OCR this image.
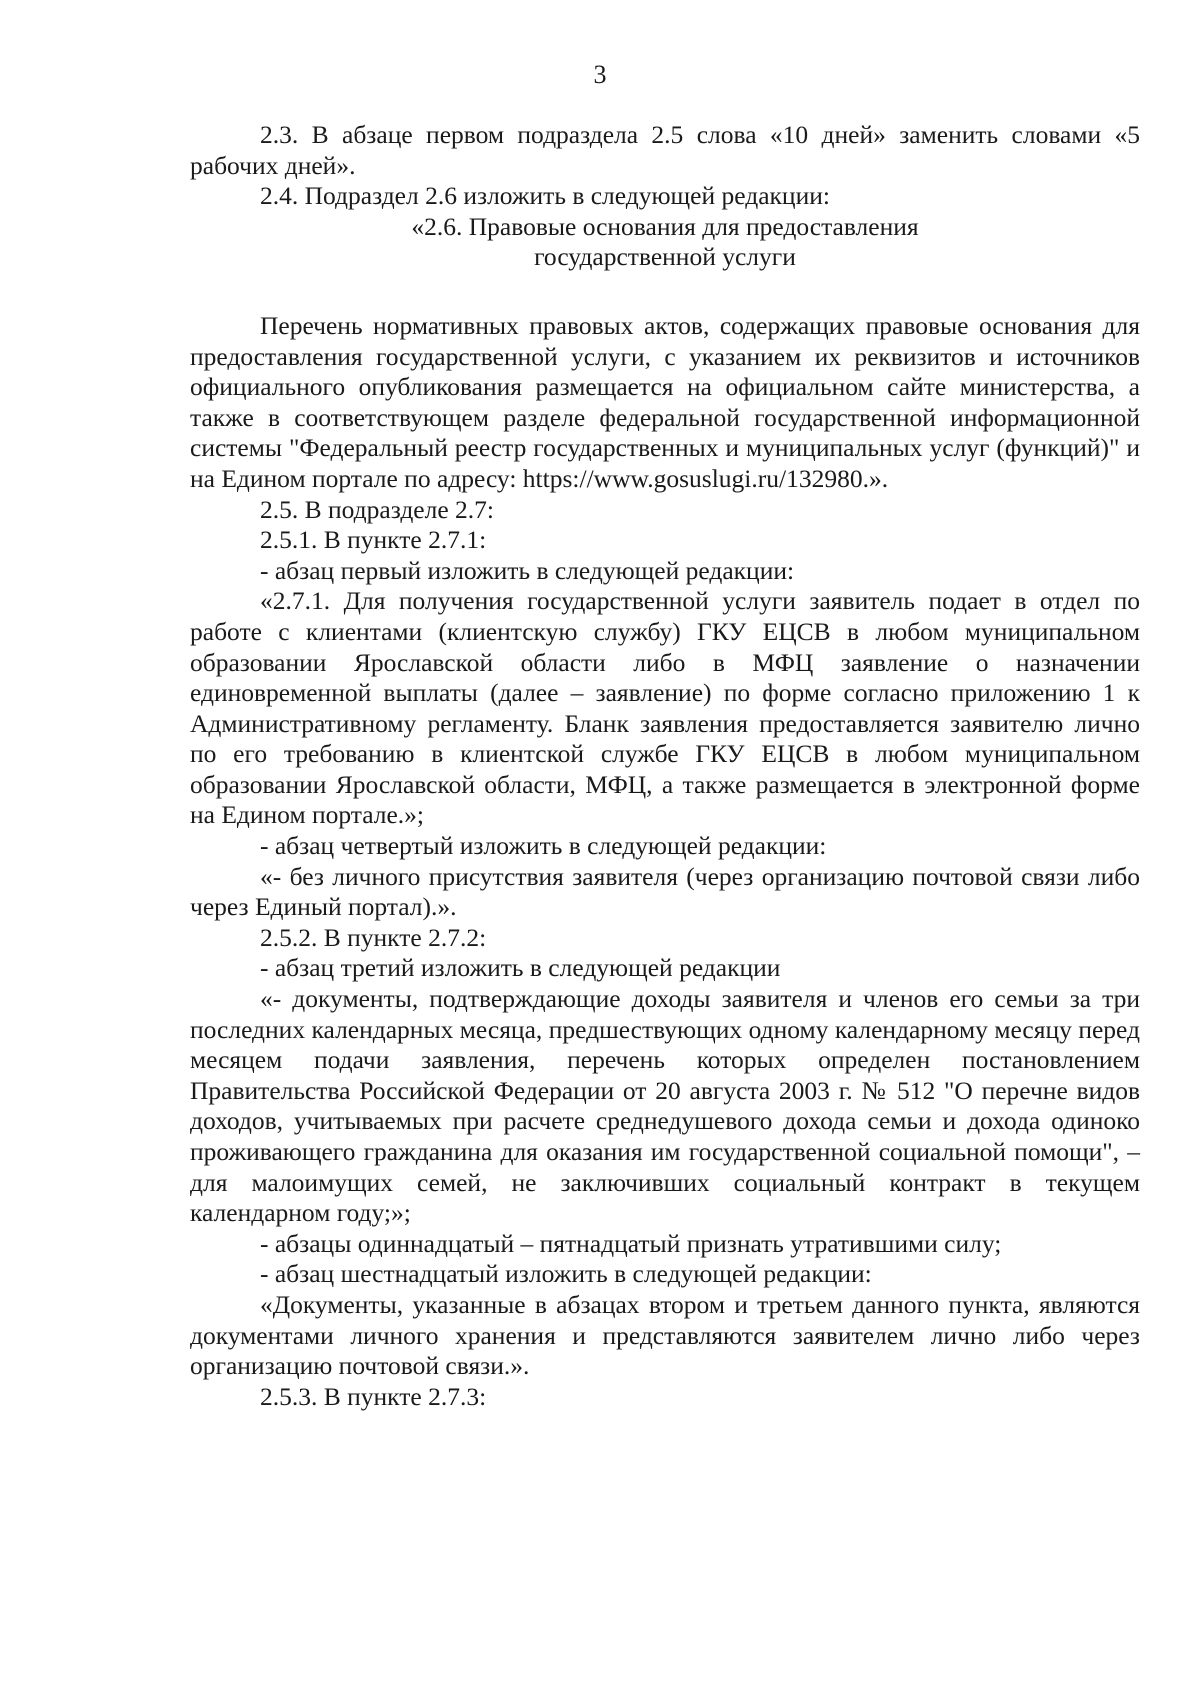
3

2.3. В абзаце первом подраздела 2.5 слова «10 дней» заменить словами «5 рабочих дней».

2.4. Подраздел 2.6 изложить в следующей редакции:

«2.6. Правовые основания для предоставления

государственной услуги

Перечень нормативных правовых актов, содержащих правовые основания для предоставления государственной услуги, с указанием их реквизитов и источников официального опубликования размещается на официальном сайте министерства, а также в соответствующем разделе федеральной государственной информационной системы "Федеральный реестр государственных и муниципальных услуг (функций)" и на Едином портале по адресу: https://www.gosuslugi.ru/132980.».

2.5. В подразделе 2.7:

2.5.1. В пункте 2.7.1:

- абзац первый изложить в следующей редакции:

«2.7.1. Для получения государственной услуги заявитель подает в отдел по работе с клиентами (клиентскую службу) ГКУ ЕЦСВ в любом муниципальном образовании Ярославской области либо в МФЦ заявление о назначении единовременной выплаты (далее – заявление) по форме согласно приложению 1 к Административному регламенту. Бланк заявления предоставляется заявителю лично по его требованию в клиентской службе ГКУ ЕЦСВ в любом муниципальном образовании Ярославской области, МФЦ, а также размещается в электронной форме на Едином портале.»;

- абзац четвертый изложить в следующей редакции:

«- без личного присутствия заявителя (через организацию почтовой связи либо через Единый портал).».

2.5.2. В пункте 2.7.2:

- абзац третий изложить в следующей редакции

«- документы, подтверждающие доходы заявителя и членов его семьи за три последних календарных месяца, предшествующих одному календарному месяцу перед месяцем подачи заявления, перечень которых определен постановлением Правительства Российской Федерации от 20 августа 2003 г. № 512 "О перечне видов доходов, учитываемых при расчете среднедушевого дохода семьи и дохода одиноко проживающего гражданина для оказания им государственной социальной помощи", – для малоимущих семей, не заключивших социальный контракт в текущем календарном году;»;

- абзацы одиннадцатый – пятнадцатый признать утратившими силу;

- абзац шестнадцатый изложить в следующей редакции:

«Документы, указанные в абзацах втором и третьем данного пункта, являются документами личного хранения и представляются заявителем лично либо через организацию почтовой связи.».

2.5.3. В пункте 2.7.3:
